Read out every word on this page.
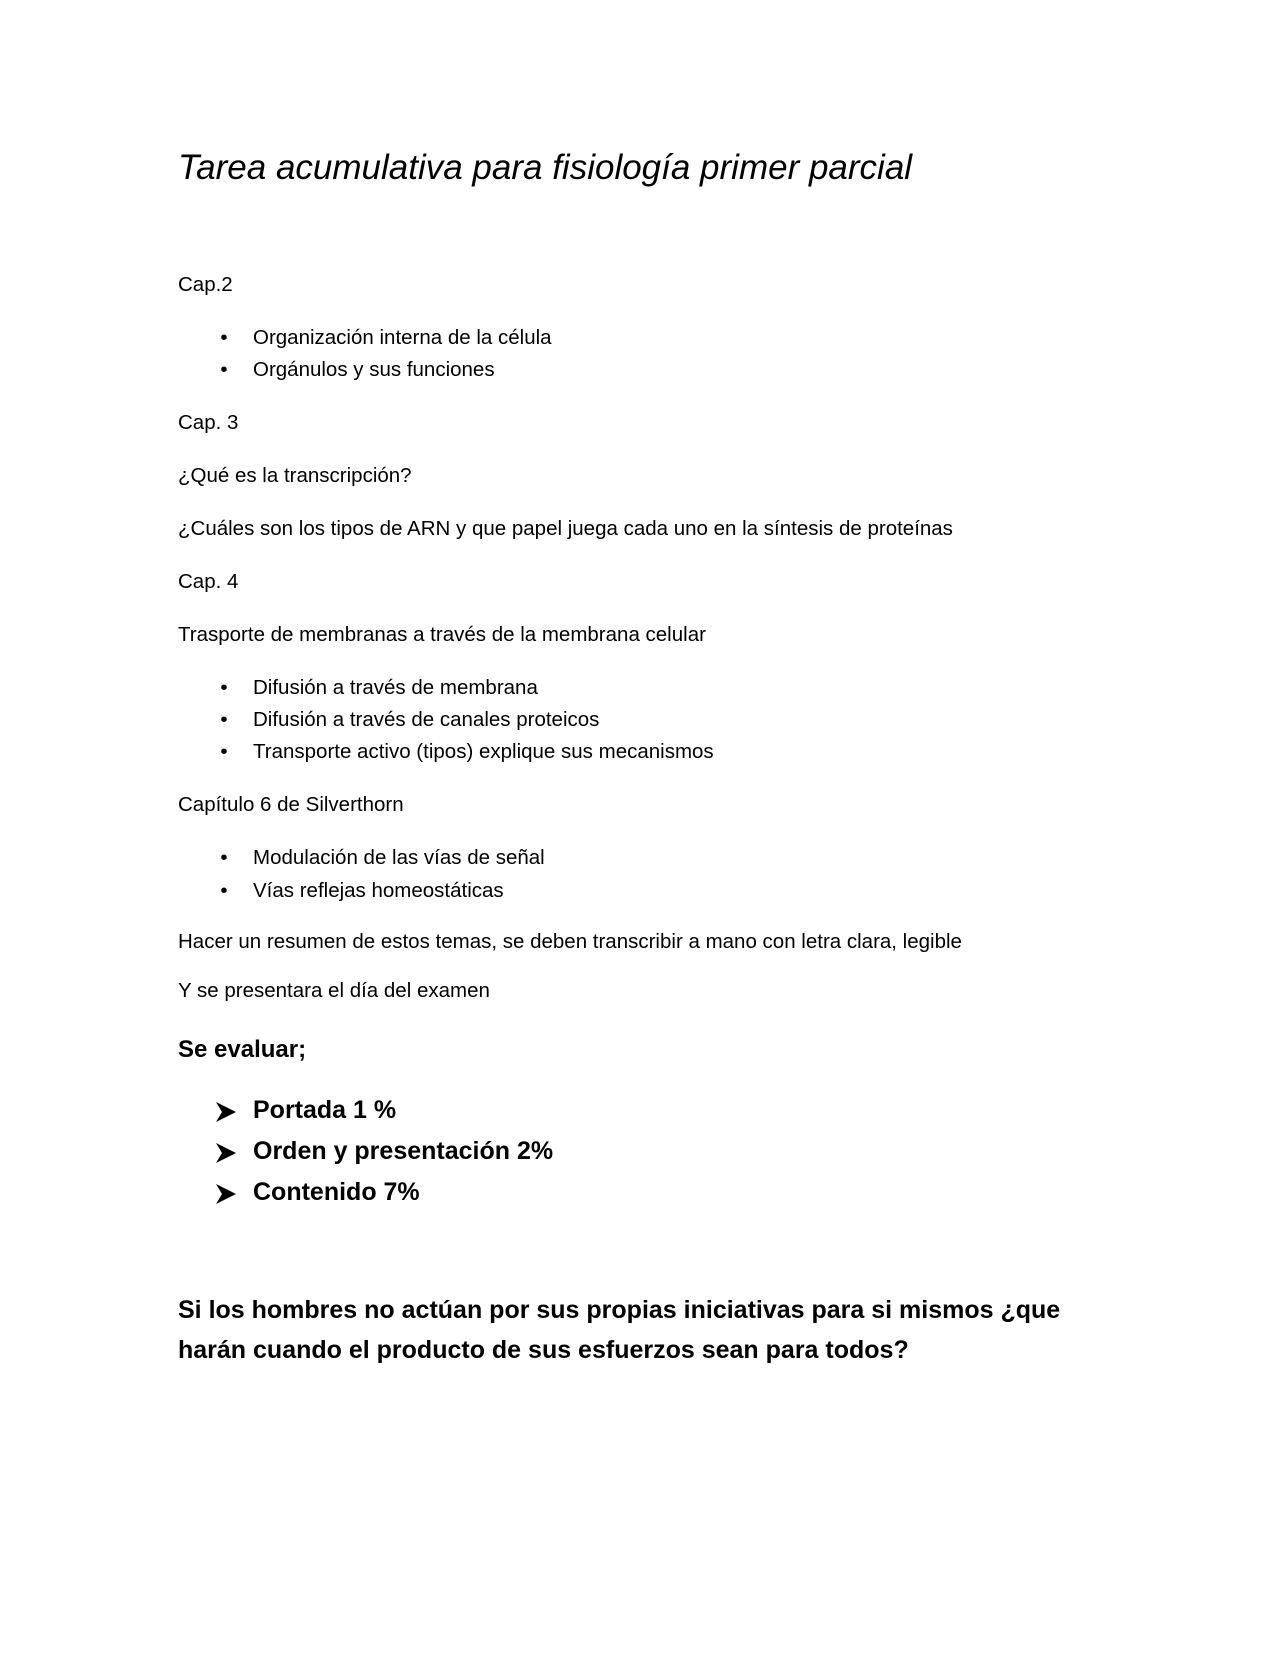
Tarea acumulativa para fisiología primer parcial
Cap.2
•	Organización interna de la célula
•	Orgánulos y sus funciones
Cap. 3
¿Qué es la transcripción?
¿Cuáles son los tipos de ARN y que papel juega cada uno en la síntesis de proteínas
Cap. 4
Trasporte de membranas a través de la membrana celular
•	Difusión a través de membrana
•	Difusión a través de canales proteicos
•	Transporte activo (tipos) explique sus mecanismos
Capítulo 6 de Silverthorn
•	Modulación de las vías de señal
•	Vías reflejas homeostáticas
Hacer un resumen de estos temas, se deben transcribir a mano con letra clara, legible
Y se presentara el día del examen
Se evaluar;
Portada 1 %
Orden y presentación 2%
Contenido 7%
Si los hombres no actúan por sus propias iniciativas para si mismos ¿que harán cuando el producto de sus esfuerzos sean para todos?
